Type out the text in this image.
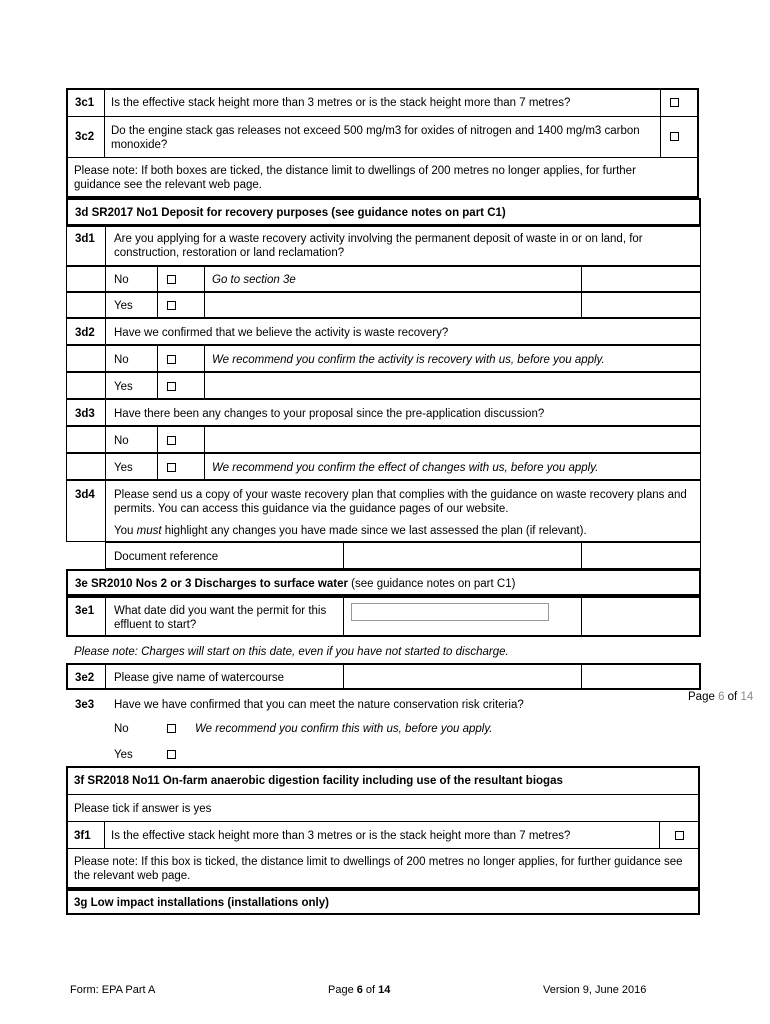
3c1 Is the effective stack height more than 3 metres or is the stack height more than 7 metres?
3c2 Do the engine stack gas releases not exceed 500 mg/m3 for oxides of nitrogen and 1400 mg/m3 carbon monoxide?
Please note: If both boxes are ticked, the distance limit to dwellings of 200 metres no longer applies, for further guidance see the relevant web page.
3d SR2017 No1 Deposit for recovery purposes (see guidance notes on part C1)
3d1 Are you applying for a waste recovery activity involving the permanent deposit of waste in or on land, for construction, restoration or land reclamation?
No	Go to section 3e
Yes
3d2 Have we confirmed that we believe the activity is waste recovery?
No	We recommend you confirm the activity is recovery with us, before you apply.
Yes
3d3 Have there been any changes to your proposal since the pre-application discussion?
No
Yes	We recommend you confirm the effect of changes with us, before you apply.
3d4 Please send us a copy of your waste recovery plan that complies with the guidance on waste recovery plans and permits. You can access this guidance via the guidance pages of our website.
You must highlight any changes you have made since we last assessed the plan (if relevant).
Document reference
3e SR2010 Nos 2 or 3 Discharges to surface water (see guidance notes on part C1)
3e1 What date did you want the permit for this effluent to start?
Please note: Charges will start on this date, even if you have not started to discharge.
3e2 Please give name of watercourse
Page 6 of 14
3e3 Have we have confirmed that you can meet the nature conservation risk criteria?
No	We recommend you confirm this with us, before you apply.
Yes
3f SR2018 No11 On-farm anaerobic digestion facility including use of the resultant biogas
Please tick if answer is yes
3f1 Is the effective stack height more than 3 metres or is the stack height more than 7 metres?
Please note: If this box is ticked, the distance limit to dwellings of 200 metres no longer applies, for further guidance see the relevant web page.
3g Low impact installations (installations only)
Form: EPA Part A	Page 6 of 14	Version 9, June 2016
